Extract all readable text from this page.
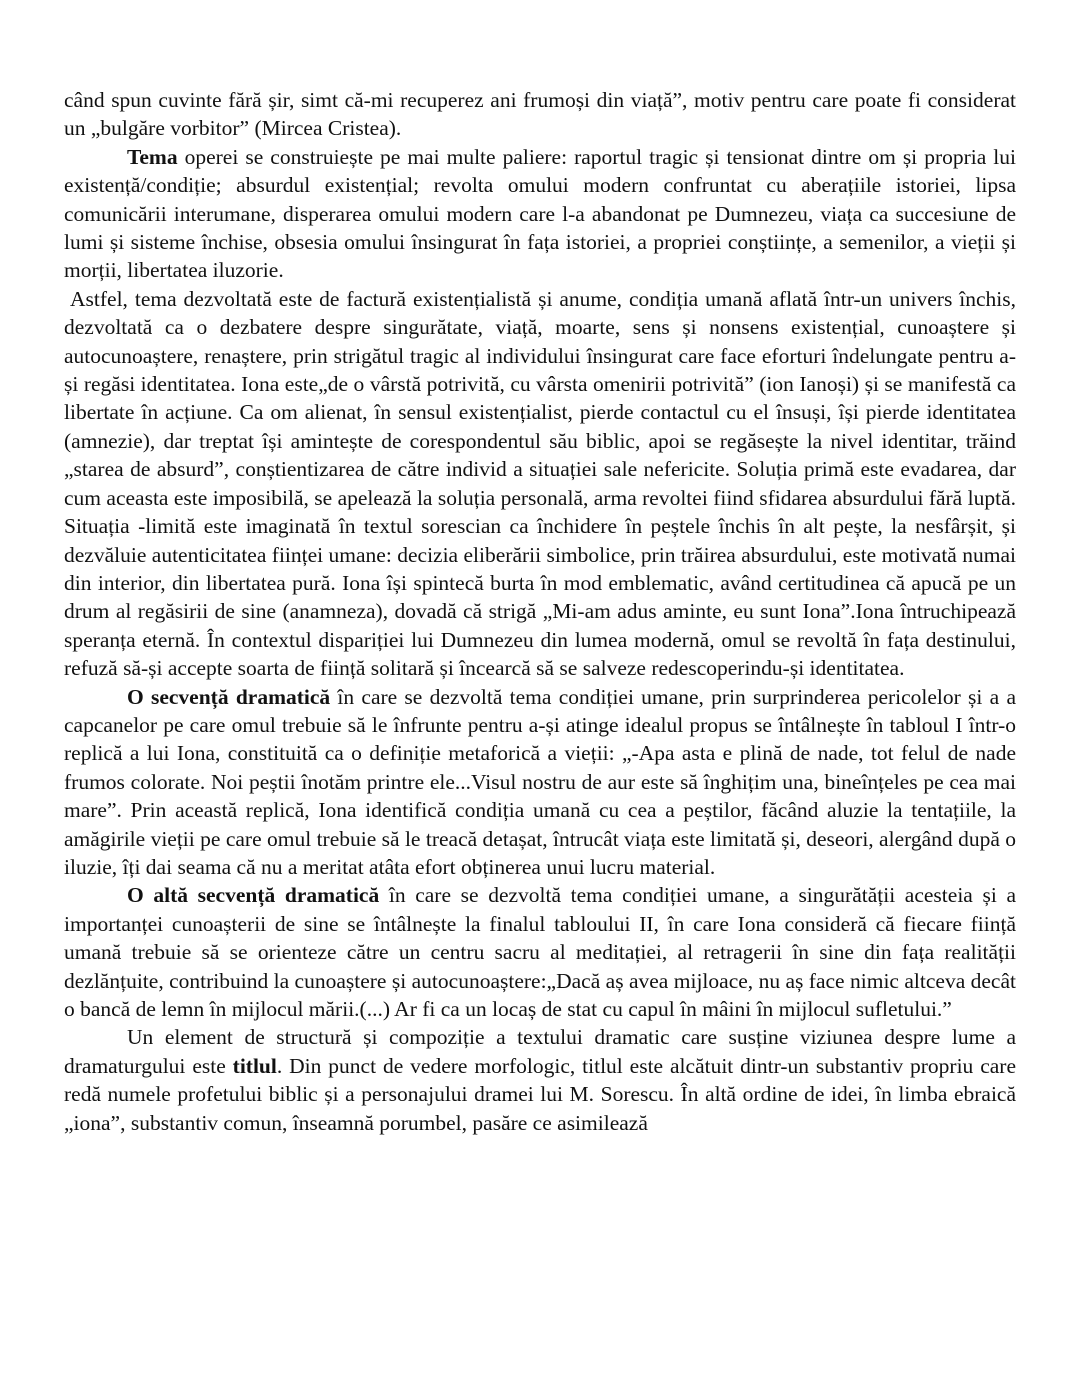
când spun cuvinte fără șir, simt că-mi recuperez ani frumoși din viață”, motiv pentru care poate fi considerat un „bulgăre vorbitor” (Mircea Cristea).

Tema operei se construiește pe mai multe paliere: raportul tragic și tensionat dintre om și propria lui existență/condiție; absurdul existențial; revolta omului modern confruntat cu aberațiile istoriei, lipsa comunicării interumane, disperarea omului modern care l-a abandonat pe Dumnezeu, viața ca succesiune de lumi și sisteme închise, obsesia omului însingurat în fața istoriei, a propriei conștiințe, a semenilor, a vieții și morții, libertatea iluzorie.

Astfel, tema dezvoltată este de factură existențialistă și anume, condiția umană aflată într-un univers închis, dezvoltată ca o dezbatere despre singurătate, viață, moarte, sens și nonsens existențial, cunoaștere și autocunoaștere, renaștere, prin strigătul tragic al individului însingurat care face eforturi îndelungate pentru a-și regăsi identitatea. Iona este„de o vârstă potrivită, cu vârsta omenirii potrivită” (ion Ianoși) și se manifestă ca libertate în acțiune. Ca om alienat, în sensul existențialist, pierde contactul cu el însuși, își pierde identitatea (amnezie), dar treptat își amintește de corespondentul său biblic, apoi se regăsește la nivel identitar, trăind „starea de absurd”, conștientizarea de către individ a situației sale nefericite. Soluția primă este evadarea, dar cum aceasta este imposibilă, se apelează la soluția personală, arma revoltei fiind sfidarea absurdului fără luptă. Situația -limită este imaginată în textul sorescian ca închidere în peștele închis în alt pește, la nesfârșit, și dezvăluie autenticitatea ființei umane: decizia eliberării simbolice, prin trăirea absurdului, este motivată numai din interior, din libertatea pură. Iona își spintecă burta în mod emblematic, având certitudinea că apucă pe un drum al regăsirii de sine (anamneza), dovadă că strigă „Mi-am adus aminte, eu sunt Iona”.Iona întruchipează speranța eternă. În contextul dispariției lui Dumnezeu din lumea modernă, omul se revoltă în fața destinului, refuză să-și accepte soarta de ființă solitară și încearcă să se salveze redescoperindu-și identitatea.

O secvență dramatică în care se dezvoltă tema condiției umane, prin surprinderea pericolelor și a a capcanelor pe care omul trebuie să le înfrunte pentru a-și atinge idealul propus se întâlnește în tabloul I într-o replică a lui Iona, constituită ca o definiție metaforică a vieții: „-Apa asta e plină de nade, tot felul de nade frumos colorate. Noi peștii înotăm printre ele...Visul nostru de aur este să înghițim una, bineînțeles pe cea mai mare”. Prin această replică, Iona identifică condiția umană cu cea a peștilor, făcând aluzie la tentațiile, la amăgirile vieții pe care omul trebuie să le treacă detașat, întrucât viața este limitată și, deseori, alergând după o iluzie, îți dai seama că nu a meritat atâta efort obținerea unui lucru material.

O altă secvență dramatică în care se dezvoltă tema condiției umane, a singurătății acesteia și a importanței cunoașterii de sine se întâlnește la finalul tabloului II, în care Iona consideră că fiecare ființă umană trebuie să se orienteze către un centru sacru al meditației, al retragerii în sine din fața realității dezlănțuite, contribuind la cunoaștere și autocunoaștere:„Dacă aș avea mijloace, nu aș face nimic altceva decât o bancă de lemn în mijlocul mării.(...) Ar fi ca un locaș de stat cu capul în mâini în mijlocul sufletului.”

Un element de structură și compoziție a textului dramatic care susține viziunea despre lume a dramaturgului este titlul. Din punct de vedere morfologic, titlul este alcătuit dintr-un substantiv propriu care redă numele profetului biblic și a personajului dramei lui M. Sorescu. În altă ordine de idei, în limba ebraică „iona”, substantiv comun, înseamnă porumbel, pasăre ce asimilează
